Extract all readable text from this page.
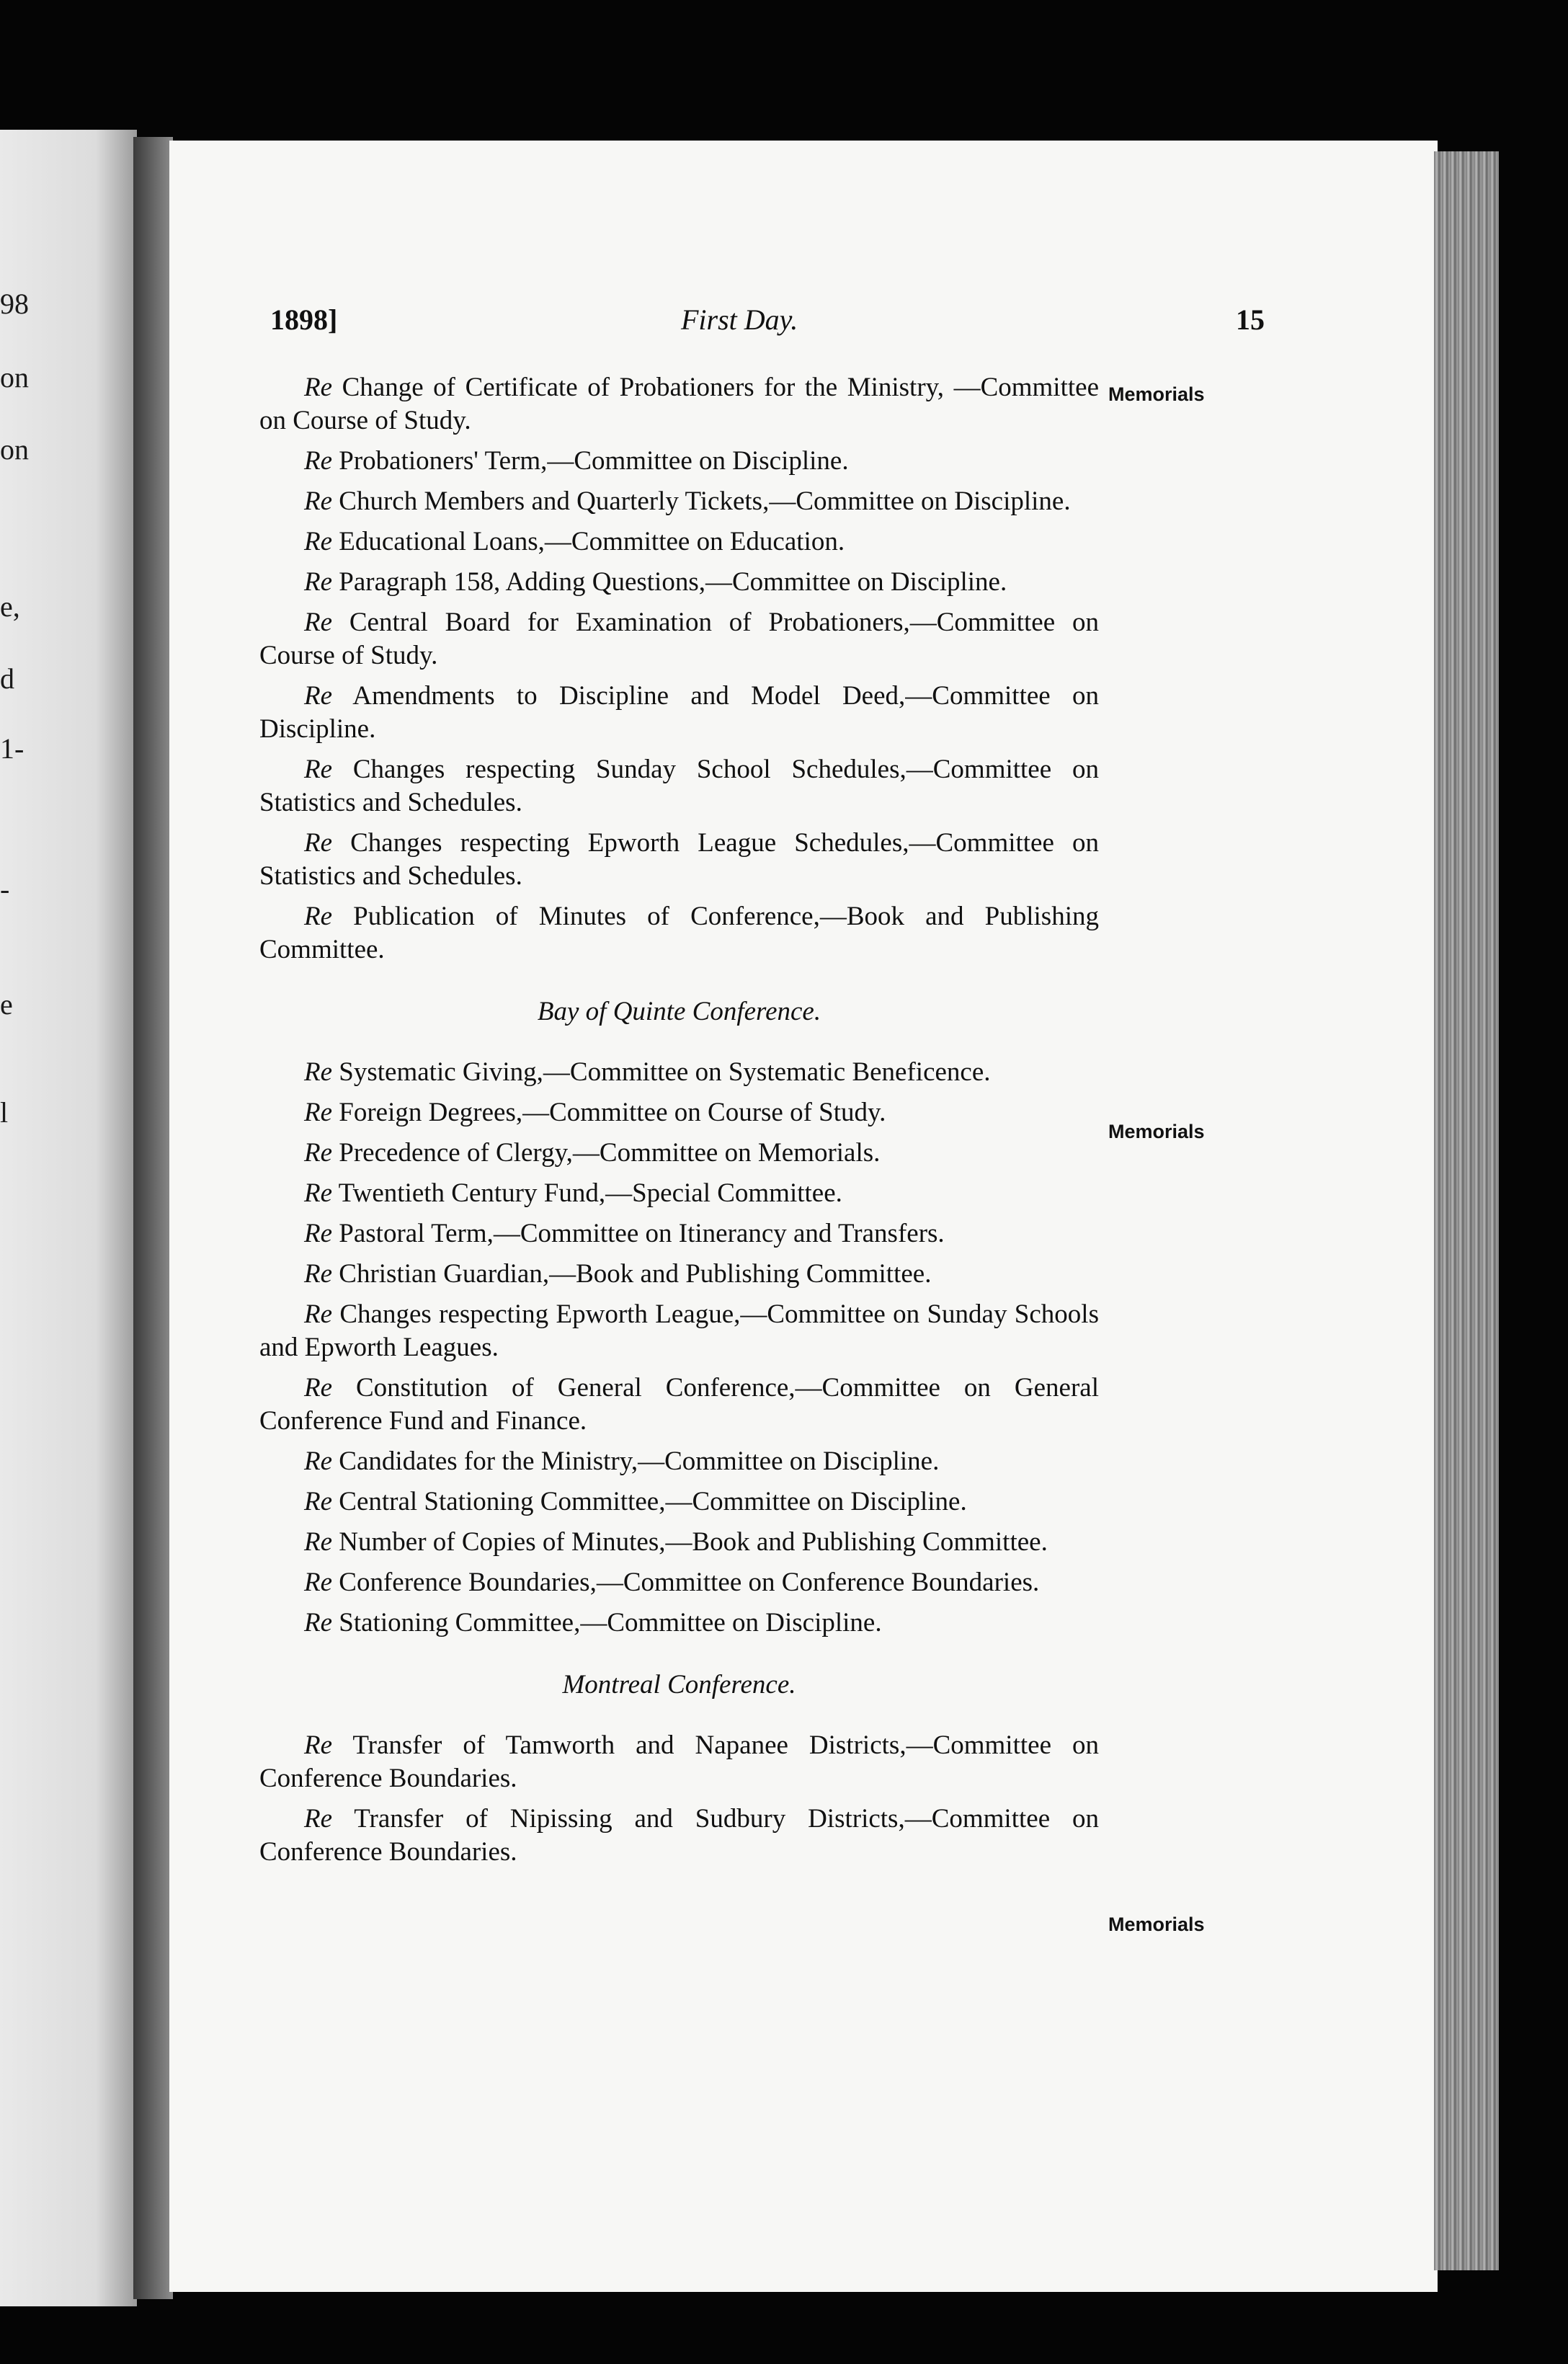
98
on
on
e,
d
1-
-
e
l
1898]	First Day.	15
Memorials
Memorials
Memorials

Re Change of Certificate of Probationers for the Ministry, —Committee on Course of Study.

Re Probationers' Term,—Committee on Discipline.

Re Church Members and Quarterly Tickets,—Committee on Discipline.

Re Educational Loans,—Committee on Education.

Re Paragraph 158, Adding Questions,—Committee on Discipline.

Re Central Board for Examination of Probationers,—Committee on Course of Study.

Re Amendments to Discipline and Model Deed,—Committee on Discipline.

Re Changes respecting Sunday School Schedules,—Committee on Statistics and Schedules.

Re Changes respecting Epworth League Schedules,—Committee on Statistics and Schedules.

Re Publication of Minutes of Conference,—Book and Publishing Committee.

Bay of Quinte Conference.

Re Systematic Giving,—Committee on Systematic Beneficence.

Re Foreign Degrees,—Committee on Course of Study.

Re Precedence of Clergy,—Committee on Memorials.

Re Twentieth Century Fund,—Special Committee.

Re Pastoral Term,—Committee on Itinerancy and Transfers.

Re Christian Guardian,—Book and Publishing Committee.

Re Changes respecting Epworth League,—Committee on Sunday Schools and Epworth Leagues.

Re Constitution of General Conference,—Committee on General Conference Fund and Finance.

Re Candidates for the Ministry,—Committee on Discipline.

Re Central Stationing Committee,—Committee on Discipline.

Re Number of Copies of Minutes,—Book and Publishing Committee.

Re Conference Boundaries,—Committee on Conference Boundaries.

Re Stationing Committee,—Committee on Discipline.

Montreal Conference.

Re Transfer of Tamworth and Napanee Districts,—Committee on Conference Boundaries.

Re Transfer of Nipissing and Sudbury Districts,—Committee on Conference Boundaries.
